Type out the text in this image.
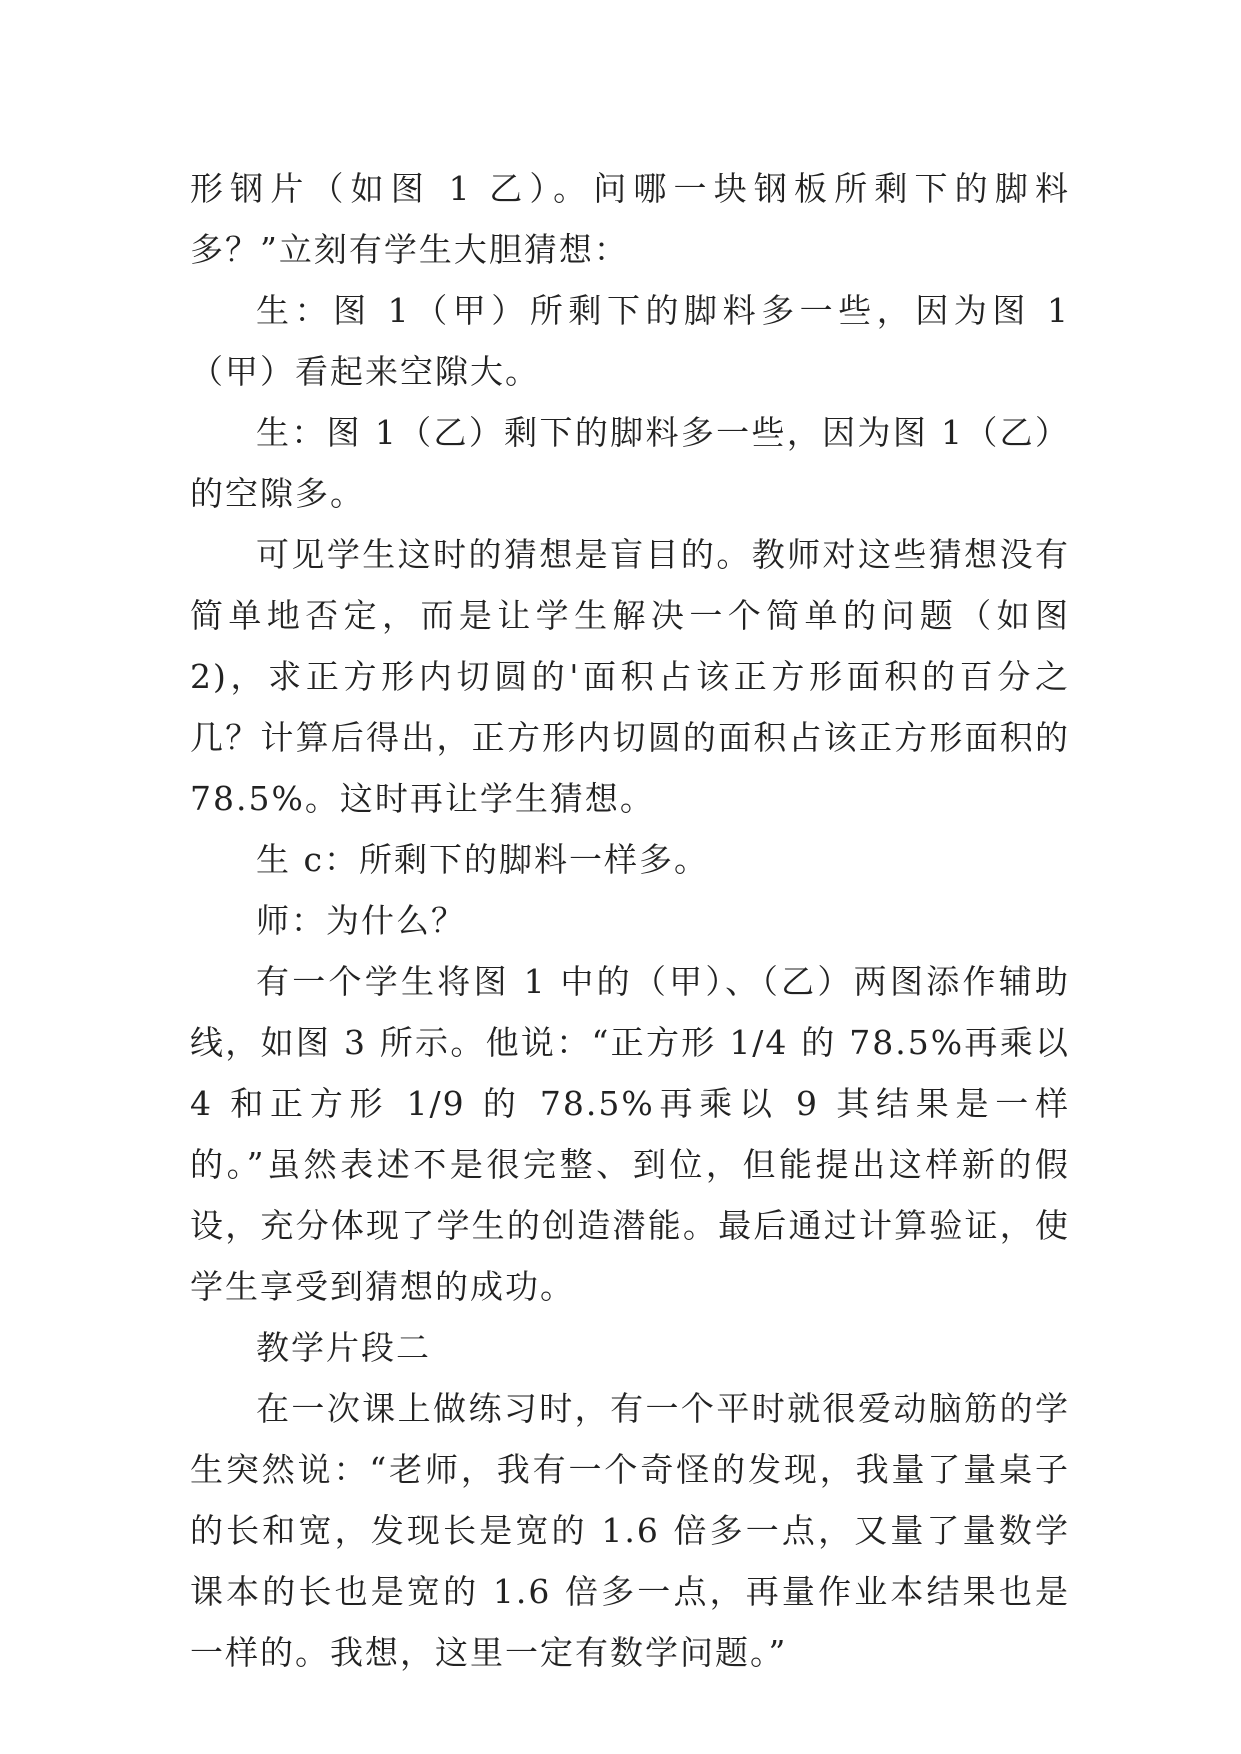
形钢片（如图 1 乙）。问哪一块钢板所剩下的脚料多？”立刻有学生大胆猜想：

生：图 1（甲）所剩下的脚料多一些，因为图 1（甲）看起来空隙大。

生：图 1（乙）剩下的脚料多一些，因为图 1（乙）的空隙多。

可见学生这时的猜想是盲目的。教师对这些猜想没有简单地否定，而是让学生解决一个简单的问题（如图 2)，求正方形内切圆的'面积占该正方形面积的百分之几？计算后得出，正方形内切圆的面积占该正方形面积的 78.5%。这时再让学生猜想。

生 c：所剩下的脚料一样多。

师：为什么？

有一个学生将图 1 中的（甲）、（乙）两图添作辅助线，如图 3 所示。他说：“正方形 1/4 的 78.5%再乘以 4 和正方形 1/9 的 78.5%再乘以 9 其结果是一样的。”虽然表述不是很完整、到位，但能提出这样新的假设，充分体现了学生的创造潜能。最后通过计算验证，使学生享受到猜想的成功。

教学片段二

在一次课上做练习时，有一个平时就很爱动脑筋的学生突然说：“老师，我有一个奇怪的发现，我量了量桌子的长和宽，发现长是宽的 1.6 倍多一点，又量了量数学课本的长也是宽的 1.6 倍多一点，再量作业本结果也是一样的。我想，这里一定有数学问题。”
